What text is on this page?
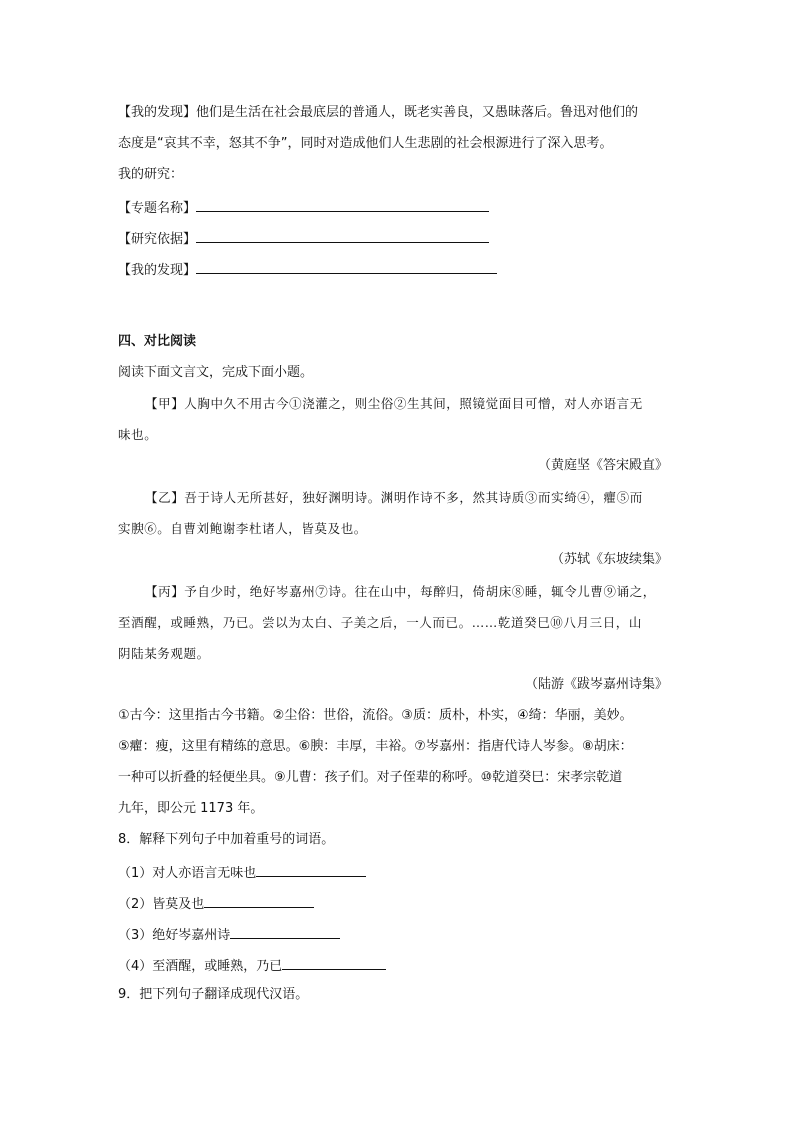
【我的发现】他们是生活在社会最底层的普通人，既老实善良，又愚昧落后。鲁迅对他们的
态度是“哀其不幸，怒其不争”，同时对造成他们人生悲剧的社会根源进行了深入思考。
我的研究：
【专题名称】
【研究依据】
【我的发现】
四、对比阅读
阅读下面文言文，完成下面小题。
【甲】人胸中久不用古今①浇灌之，则尘俗②生其间，照镜觉面目可憎，对人亦语言无
味也。
（黄庭坚《答宋殿直》
【乙】吾于诗人无所甚好，独好渊明诗。渊明作诗不多，然其诗质③而实绮④，癯⑤而
实腴⑥。自曹刘鲍谢李杜诸人，皆莫及也。
（苏轼《东坡续集》
【丙】予自少时，绝好岑嘉州⑦诗。往在山中，每醉归，倚胡床⑧睡，辄令儿曹⑨诵之，
至酒醒，或睡熟，乃已。尝以为太白、子美之后，一人而已。……乾道癸巳⑩八月三日，山
阴陆某务观题。
（陆游《跋岑嘉州诗集》
①古今：这里指古今书籍。②尘俗：世俗，流俗。③质：质朴，朴实，④绮：华丽，美妙。
⑤癯：瘦，这里有精练的意思。⑥腴：丰厚，丰裕。⑦岑嘉州：指唐代诗人岑参。⑧胡床：
一种可以折叠的轻便坐具。⑨儿曹：孩子们。对子侄辈的称呼。⑩乾道癸巳：宋孝宗乾道
九年，即公元 1173 年。
8．解释下列句子中加着重号的词语。
（1）对人亦语言无味也
（2）皆莫及也
（3）绝好岑嘉州诗
（4）至酒醒，或睡熟，乃已
9．把下列句子翻译成现代汉语。
